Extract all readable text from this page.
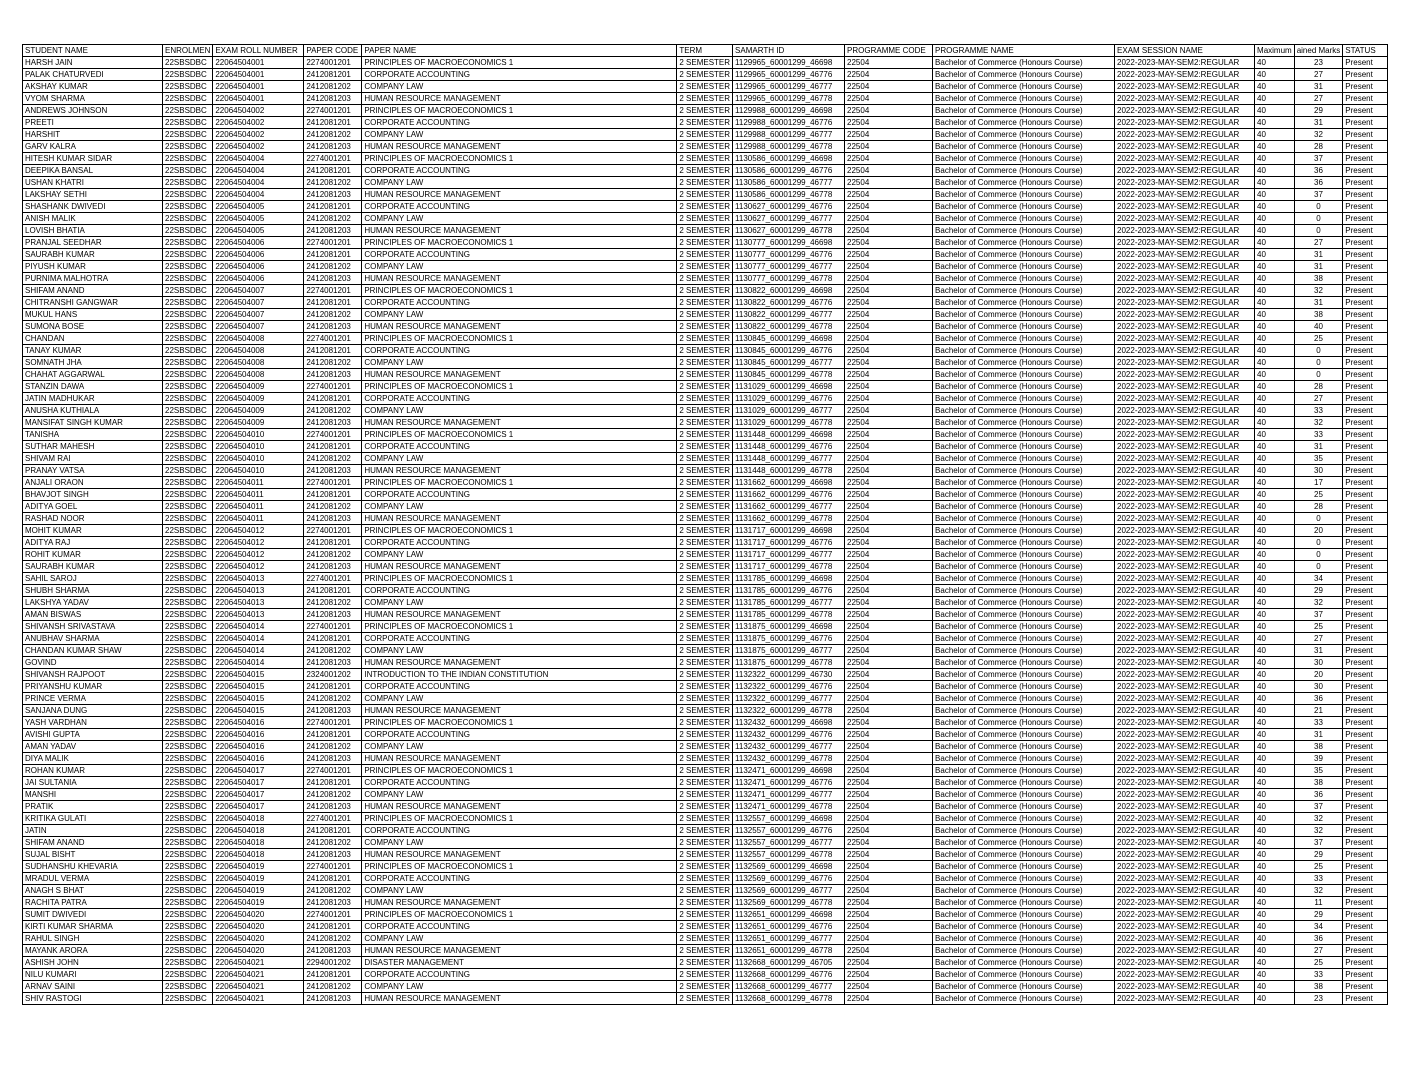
STUDENT NAME	ENROLMEN	EXAM ROLL NUMBER	PAPER CODE	PAPER NAME	TERM	SAMARTH ID	PROGRAMME CODE	PROGRAMME NAME	EXAM SESSION NAME	Maximum	ained Marks	STATUS
HARSH JAIN	22SBSDBC	22064504001	2274001201	PRINCIPLES OF MACROECONOMICS 1	2 SEMESTER	1129965_60001299_46698	22504	Bachelor of Commerce (Honours Course)	2022-2023-MAY-SEM2:REGULAR	40	23	Present
PALAK CHATURVEDI	22SBSDBC	22064504001	2412081201	CORPORATE ACCOUNTING	2 SEMESTER	1129965_60001299_46776	22504	Bachelor of Commerce (Honours Course)	2022-2023-MAY-SEM2:REGULAR	40	27	Present
AKSHAY KUMAR	22SBSDBC	22064504001	2412081202	COMPANY LAW	2 SEMESTER	1129965_60001299_46777	22504	Bachelor of Commerce (Honours Course)	2022-2023-MAY-SEM2:REGULAR	40	31	Present
VYOM SHARMA	22SBSDBC	22064504001	2412081203	HUMAN RESOURCE MANAGEMENT	2 SEMESTER	1129965_60001299_46778	22504	Bachelor of Commerce (Honours Course)	2022-2023-MAY-SEM2:REGULAR	40	27	Present
ANDREWS JOHNSON	22SBSDBC	22064504002	2274001201	PRINCIPLES OF MACROECONOMICS 1	2 SEMESTER	1129988_60001299_46698	22504	Bachelor of Commerce (Honours Course)	2022-2023-MAY-SEM2:REGULAR	40	29	Present
PREETI	22SBSDBC	22064504002	2412081201	CORPORATE ACCOUNTING	2 SEMESTER	1129988_60001299_46776	22504	Bachelor of Commerce (Honours Course)	2022-2023-MAY-SEM2:REGULAR	40	31	Present
HARSHIT	22SBSDBC	22064504002	2412081202	COMPANY LAW	2 SEMESTER	1129988_60001299_46777	22504	Bachelor of Commerce (Honours Course)	2022-2023-MAY-SEM2:REGULAR	40	32	Present
GARV KALRA	22SBSDBC	22064504002	2412081203	HUMAN RESOURCE MANAGEMENT	2 SEMESTER	1129988_60001299_46778	22504	Bachelor of Commerce (Honours Course)	2022-2023-MAY-SEM2:REGULAR	40	28	Present
HITESH KUMAR SIDAR	22SBSDBC	22064504004	2274001201	PRINCIPLES OF MACROECONOMICS 1	2 SEMESTER	1130586_60001299_46698	22504	Bachelor of Commerce (Honours Course)	2022-2023-MAY-SEM2:REGULAR	40	37	Present
DEEPIKA BANSAL	22SBSDBC	22064504004	2412081201	CORPORATE ACCOUNTING	2 SEMESTER	1130586_60001299_46776	22504	Bachelor of Commerce (Honours Course)	2022-2023-MAY-SEM2:REGULAR	40	36	Present
USHAN KHATRI	22SBSDBC	22064504004	2412081202	COMPANY LAW	2 SEMESTER	1130586_60001299_46777	22504	Bachelor of Commerce (Honours Course)	2022-2023-MAY-SEM2:REGULAR	40	36	Present
LAKSHAY SETHI	22SBSDBC	22064504004	2412081203	HUMAN RESOURCE MANAGEMENT	2 SEMESTER	1130586_60001299_46778	22504	Bachelor of Commerce (Honours Course)	2022-2023-MAY-SEM2:REGULAR	40	37	Present
SHASHANK DWIVEDI	22SBSDBC	22064504005	2412081201	CORPORATE ACCOUNTING	2 SEMESTER	1130627_60001299_46776	22504	Bachelor of Commerce (Honours Course)	2022-2023-MAY-SEM2:REGULAR	40	0	Present
ANISH MALIK	22SBSDBC	22064504005	2412081202	COMPANY LAW	2 SEMESTER	1130627_60001299_46777	22504	Bachelor of Commerce (Honours Course)	2022-2023-MAY-SEM2:REGULAR	40	0	Present
LOVISH BHATIA	22SBSDBC	22064504005	2412081203	HUMAN RESOURCE MANAGEMENT	2 SEMESTER	1130627_60001299_46778	22504	Bachelor of Commerce (Honours Course)	2022-2023-MAY-SEM2:REGULAR	40	0	Present
PRANJAL SEEDHAR	22SBSDBC	22064504006	2274001201	PRINCIPLES OF MACROECONOMICS 1	2 SEMESTER	1130777_60001299_46698	22504	Bachelor of Commerce (Honours Course)	2022-2023-MAY-SEM2:REGULAR	40	27	Present
SAURABH KUMAR	22SBSDBC	22064504006	2412081201	CORPORATE ACCOUNTING	2 SEMESTER	1130777_60001299_46776	22504	Bachelor of Commerce (Honours Course)	2022-2023-MAY-SEM2:REGULAR	40	31	Present
PIYUSH KUMAR	22SBSDBC	22064504006	2412081202	COMPANY LAW	2 SEMESTER	1130777_60001299_46777	22504	Bachelor of Commerce (Honours Course)	2022-2023-MAY-SEM2:REGULAR	40	31	Present
PURNIMA MALHOTRA	22SBSDBC	22064504006	2412081203	HUMAN RESOURCE MANAGEMENT	2 SEMESTER	1130777_60001299_46778	22504	Bachelor of Commerce (Honours Course)	2022-2023-MAY-SEM2:REGULAR	40	38	Present
SHIFAM ANAND	22SBSDBC	22064504007	2274001201	PRINCIPLES OF MACROECONOMICS 1	2 SEMESTER	1130822_60001299_46698	22504	Bachelor of Commerce (Honours Course)	2022-2023-MAY-SEM2:REGULAR	40	32	Present
CHITRANSHI GANGWAR	22SBSDBC	22064504007	2412081201	CORPORATE ACCOUNTING	2 SEMESTER	1130822_60001299_46776	22504	Bachelor of Commerce (Honours Course)	2022-2023-MAY-SEM2:REGULAR	40	31	Present
MUKUL HANS	22SBSDBC	22064504007	2412081202	COMPANY LAW	2 SEMESTER	1130822_60001299_46777	22504	Bachelor of Commerce (Honours Course)	2022-2023-MAY-SEM2:REGULAR	40	38	Present
SUMONA BOSE	22SBSDBC	22064504007	2412081203	HUMAN RESOURCE MANAGEMENT	2 SEMESTER	1130822_60001299_46778	22504	Bachelor of Commerce (Honours Course)	2022-2023-MAY-SEM2:REGULAR	40	40	Present
CHANDAN	22SBSDBC	22064504008	2274001201	PRINCIPLES OF MACROECONOMICS 1	2 SEMESTER	1130845_60001299_46698	22504	Bachelor of Commerce (Honours Course)	2022-2023-MAY-SEM2:REGULAR	40	25	Present
TANAY KUMAR	22SBSDBC	22064504008	2412081201	CORPORATE ACCOUNTING	2 SEMESTER	1130845_60001299_46776	22504	Bachelor of Commerce (Honours Course)	2022-2023-MAY-SEM2:REGULAR	40	0	Present
SOMNATH JHA	22SBSDBC	22064504008	2412081202	COMPANY LAW	2 SEMESTER	1130845_60001299_46777	22504	Bachelor of Commerce (Honours Course)	2022-2023-MAY-SEM2:REGULAR	40	0	Present
CHAHAT AGGARWAL	22SBSDBC	22064504008	2412081203	HUMAN RESOURCE MANAGEMENT	2 SEMESTER	1130845_60001299_46778	22504	Bachelor of Commerce (Honours Course)	2022-2023-MAY-SEM2:REGULAR	40	0	Present
STANZIN DAWA	22SBSDBC	22064504009	2274001201	PRINCIPLES OF MACROECONOMICS 1	2 SEMESTER	1131029_60001299_46698	22504	Bachelor of Commerce (Honours Course)	2022-2023-MAY-SEM2:REGULAR	40	28	Present
JATIN MADHUKAR	22SBSDBC	22064504009	2412081201	CORPORATE ACCOUNTING	2 SEMESTER	1131029_60001299_46776	22504	Bachelor of Commerce (Honours Course)	2022-2023-MAY-SEM2:REGULAR	40	27	Present
ANUSHA KUTHIALA	22SBSDBC	22064504009	2412081202	COMPANY LAW	2 SEMESTER	1131029_60001299_46777	22504	Bachelor of Commerce (Honours Course)	2022-2023-MAY-SEM2:REGULAR	40	33	Present
MANSIFAT SINGH KUMAR	22SBSDBC	22064504009	2412081203	HUMAN RESOURCE MANAGEMENT	2 SEMESTER	1131029_60001299_46778	22504	Bachelor of Commerce (Honours Course)	2022-2023-MAY-SEM2:REGULAR	40	32	Present
TANISHA	22SBSDBC	22064504010	2274001201	PRINCIPLES OF MACROECONOMICS 1	2 SEMESTER	1131448_60001299_46698	22504	Bachelor of Commerce (Honours Course)	2022-2023-MAY-SEM2:REGULAR	40	33	Present
SUTHAR MAHESH	22SBSDBC	22064504010	2412081201	CORPORATE ACCOUNTING	2 SEMESTER	1131448_60001299_46776	22504	Bachelor of Commerce (Honours Course)	2022-2023-MAY-SEM2:REGULAR	40	31	Present
SHIVAM RAI	22SBSDBC	22064504010	2412081202	COMPANY LAW	2 SEMESTER	1131448_60001299_46777	22504	Bachelor of Commerce (Honours Course)	2022-2023-MAY-SEM2:REGULAR	40	35	Present
PRANAY VATSA	22SBSDBC	22064504010	2412081203	HUMAN RESOURCE MANAGEMENT	2 SEMESTER	1131448_60001299_46778	22504	Bachelor of Commerce (Honours Course)	2022-2023-MAY-SEM2:REGULAR	40	30	Present
ANJALI ORAON	22SBSDBC	22064504011	2274001201	PRINCIPLES OF MACROECONOMICS 1	2 SEMESTER	1131662_60001299_46698	22504	Bachelor of Commerce (Honours Course)	2022-2023-MAY-SEM2:REGULAR	40	17	Present
BHAVJOT SINGH	22SBSDBC	22064504011	2412081201	CORPORATE ACCOUNTING	2 SEMESTER	1131662_60001299_46776	22504	Bachelor of Commerce (Honours Course)	2022-2023-MAY-SEM2:REGULAR	40	25	Present
ADITYA GOEL	22SBSDBC	22064504011	2412081202	COMPANY LAW	2 SEMESTER	1131662_60001299_46777	22504	Bachelor of Commerce (Honours Course)	2022-2023-MAY-SEM2:REGULAR	40	28	Present
RASHAD NOOR	22SBSDBC	22064504011	2412081203	HUMAN RESOURCE MANAGEMENT	2 SEMESTER	1131662_60001299_46778	22504	Bachelor of Commerce (Honours Course)	2022-2023-MAY-SEM2:REGULAR	40	0	Present
MOHIT KUMAR	22SBSDBC	22064504012	2274001201	PRINCIPLES OF MACROECONOMICS 1	2 SEMESTER	1131717_60001299_46698	22504	Bachelor of Commerce (Honours Course)	2022-2023-MAY-SEM2:REGULAR	40	20	Present
ADITYA RAJ	22SBSDBC	22064504012	2412081201	CORPORATE ACCOUNTING	2 SEMESTER	1131717_60001299_46776	22504	Bachelor of Commerce (Honours Course)	2022-2023-MAY-SEM2:REGULAR	40	0	Present
ROHIT KUMAR	22SBSDBC	22064504012	2412081202	COMPANY LAW	2 SEMESTER	1131717_60001299_46777	22504	Bachelor of Commerce (Honours Course)	2022-2023-MAY-SEM2:REGULAR	40	0	Present
SAURABH KUMAR	22SBSDBC	22064504012	2412081203	HUMAN RESOURCE MANAGEMENT	2 SEMESTER	1131717_60001299_46778	22504	Bachelor of Commerce (Honours Course)	2022-2023-MAY-SEM2:REGULAR	40	0	Present
SAHIL SAROJ	22SBSDBC	22064504013	2274001201	PRINCIPLES OF MACROECONOMICS 1	2 SEMESTER	1131785_60001299_46698	22504	Bachelor of Commerce (Honours Course)	2022-2023-MAY-SEM2:REGULAR	40	34	Present
SHUBH SHARMA	22SBSDBC	22064504013	2412081201	CORPORATE ACCOUNTING	2 SEMESTER	1131785_60001299_46776	22504	Bachelor of Commerce (Honours Course)	2022-2023-MAY-SEM2:REGULAR	40	29	Present
LAKSHYA YADAV	22SBSDBC	22064504013	2412081202	COMPANY LAW	2 SEMESTER	1131785_60001299_46777	22504	Bachelor of Commerce (Honours Course)	2022-2023-MAY-SEM2:REGULAR	40	32	Present
AMAN BISWAS	22SBSDBC	22064504013	2412081203	HUMAN RESOURCE MANAGEMENT	2 SEMESTER	1131785_60001299_46778	22504	Bachelor of Commerce (Honours Course)	2022-2023-MAY-SEM2:REGULAR	40	37	Present
SHIVANSH SRIVASTAVA	22SBSDBC	22064504014	2274001201	PRINCIPLES OF MACROECONOMICS 1	2 SEMESTER	1131875_60001299_46698	22504	Bachelor of Commerce (Honours Course)	2022-2023-MAY-SEM2:REGULAR	40	25	Present
ANUBHAV SHARMA	22SBSDBC	22064504014	2412081201	CORPORATE ACCOUNTING	2 SEMESTER	1131875_60001299_46776	22504	Bachelor of Commerce (Honours Course)	2022-2023-MAY-SEM2:REGULAR	40	27	Present
CHANDAN KUMAR SHAW	22SBSDBC	22064504014	2412081202	COMPANY LAW	2 SEMESTER	1131875_60001299_46777	22504	Bachelor of Commerce (Honours Course)	2022-2023-MAY-SEM2:REGULAR	40	31	Present
GOVIND	22SBSDBC	22064504014	2412081203	HUMAN RESOURCE MANAGEMENT	2 SEMESTER	1131875_60001299_46778	22504	Bachelor of Commerce (Honours Course)	2022-2023-MAY-SEM2:REGULAR	40	30	Present
SHIVANSH RAJPOOT	22SBSDBC	22064504015	2324001202	INTRODUCTION TO THE INDIAN CONSTITUTION	2 SEMESTER	1132322_60001299_46730	22504	Bachelor of Commerce (Honours Course)	2022-2023-MAY-SEM2:REGULAR	40	20	Present
PRIYANSHU KUMAR	22SBSDBC	22064504015	2412081201	CORPORATE ACCOUNTING	2 SEMESTER	1132322_60001299_46776	22504	Bachelor of Commerce (Honours Course)	2022-2023-MAY-SEM2:REGULAR	40	30	Present
PRINCE VERMA	22SBSDBC	22064504015	2412081202	COMPANY LAW	2 SEMESTER	1132322_60001299_46777	22504	Bachelor of Commerce (Honours Course)	2022-2023-MAY-SEM2:REGULAR	40	36	Present
SANJANA DUNG	22SBSDBC	22064504015	2412081203	HUMAN RESOURCE MANAGEMENT	2 SEMESTER	1132322_60001299_46778	22504	Bachelor of Commerce (Honours Course)	2022-2023-MAY-SEM2:REGULAR	40	21	Present
YASH VARDHAN	22SBSDBC	22064504016	2274001201	PRINCIPLES OF MACROECONOMICS 1	2 SEMESTER	1132432_60001299_46698	22504	Bachelor of Commerce (Honours Course)	2022-2023-MAY-SEM2:REGULAR	40	33	Present
AVISHI GUPTA	22SBSDBC	22064504016	2412081201	CORPORATE ACCOUNTING	2 SEMESTER	1132432_60001299_46776	22504	Bachelor of Commerce (Honours Course)	2022-2023-MAY-SEM2:REGULAR	40	31	Present
AMAN YADAV	22SBSDBC	22064504016	2412081202	COMPANY LAW	2 SEMESTER	1132432_60001299_46777	22504	Bachelor of Commerce (Honours Course)	2022-2023-MAY-SEM2:REGULAR	40	38	Present
DIYA MALIK	22SBSDBC	22064504016	2412081203	HUMAN RESOURCE MANAGEMENT	2 SEMESTER	1132432_60001299_46778	22504	Bachelor of Commerce (Honours Course)	2022-2023-MAY-SEM2:REGULAR	40	39	Present
ROHAN KUMAR	22SBSDBC	22064504017	2274001201	PRINCIPLES OF MACROECONOMICS 1	2 SEMESTER	1132471_60001299_46698	22504	Bachelor of Commerce (Honours Course)	2022-2023-MAY-SEM2:REGULAR	40	35	Present
JAI SULTANIA	22SBSDBC	22064504017	2412081201	CORPORATE ACCOUNTING	2 SEMESTER	1132471_60001299_46776	22504	Bachelor of Commerce (Honours Course)	2022-2023-MAY-SEM2:REGULAR	40	38	Present
MANSHI	22SBSDBC	22064504017	2412081202	COMPANY LAW	2 SEMESTER	1132471_60001299_46777	22504	Bachelor of Commerce (Honours Course)	2022-2023-MAY-SEM2:REGULAR	40	36	Present
PRATIK	22SBSDBC	22064504017	2412081203	HUMAN RESOURCE MANAGEMENT	2 SEMESTER	1132471_60001299_46778	22504	Bachelor of Commerce (Honours Course)	2022-2023-MAY-SEM2:REGULAR	40	37	Present
KRITIKA GULATI	22SBSDBC	22064504018	2274001201	PRINCIPLES OF MACROECONOMICS 1	2 SEMESTER	1132557_60001299_46698	22504	Bachelor of Commerce (Honours Course)	2022-2023-MAY-SEM2:REGULAR	40	32	Present
JATIN	22SBSDBC	22064504018	2412081201	CORPORATE ACCOUNTING	2 SEMESTER	1132557_60001299_46776	22504	Bachelor of Commerce (Honours Course)	2022-2023-MAY-SEM2:REGULAR	40	32	Present
SHIFAM ANAND	22SBSDBC	22064504018	2412081202	COMPANY LAW	2 SEMESTER	1132557_60001299_46777	22504	Bachelor of Commerce (Honours Course)	2022-2023-MAY-SEM2:REGULAR	40	37	Present
SUJAL BISHT	22SBSDBC	22064504018	2412081203	HUMAN RESOURCE MANAGEMENT	2 SEMESTER	1132557_60001299_46778	22504	Bachelor of Commerce (Honours Course)	2022-2023-MAY-SEM2:REGULAR	40	29	Present
SUDHANSHU KHEVARIA	22SBSDBC	22064504019	2274001201	PRINCIPLES OF MACROECONOMICS 1	2 SEMESTER	1132569_60001299_46698	22504	Bachelor of Commerce (Honours Course)	2022-2023-MAY-SEM2:REGULAR	40	25	Present
MRADUL VERMA	22SBSDBC	22064504019	2412081201	CORPORATE ACCOUNTING	2 SEMESTER	1132569_60001299_46776	22504	Bachelor of Commerce (Honours Course)	2022-2023-MAY-SEM2:REGULAR	40	33	Present
ANAGH S BHAT	22SBSDBC	22064504019	2412081202	COMPANY LAW	2 SEMESTER	1132569_60001299_46777	22504	Bachelor of Commerce (Honours Course)	2022-2023-MAY-SEM2:REGULAR	40	32	Present
RACHITA PATRA	22SBSDBC	22064504019	2412081203	HUMAN RESOURCE MANAGEMENT	2 SEMESTER	1132569_60001299_46778	22504	Bachelor of Commerce (Honours Course)	2022-2023-MAY-SEM2:REGULAR	40	11	Present
SUMIT DWIVEDI	22SBSDBC	22064504020	2274001201	PRINCIPLES OF MACROECONOMICS 1	2 SEMESTER	1132651_60001299_46698	22504	Bachelor of Commerce (Honours Course)	2022-2023-MAY-SEM2:REGULAR	40	29	Present
KIRTI KUMAR SHARMA	22SBSDBC	22064504020	2412081201	CORPORATE ACCOUNTING	2 SEMESTER	1132651_60001299_46776	22504	Bachelor of Commerce (Honours Course)	2022-2023-MAY-SEM2:REGULAR	40	34	Present
RAHUL SINGH	22SBSDBC	22064504020	2412081202	COMPANY LAW	2 SEMESTER	1132651_60001299_46777	22504	Bachelor of Commerce (Honours Course)	2022-2023-MAY-SEM2:REGULAR	40	36	Present
MAYANK ARORA	22SBSDBC	22064504020	2412081203	HUMAN RESOURCE MANAGEMENT	2 SEMESTER	1132651_60001299_46778	22504	Bachelor of Commerce (Honours Course)	2022-2023-MAY-SEM2:REGULAR	40	27	Present
ASHISH JOHN	22SBSDBC	22064504021	2294001202	DISASTER MANAGEMENT	2 SEMESTER	1132668_60001299_46705	22504	Bachelor of Commerce (Honours Course)	2022-2023-MAY-SEM2:REGULAR	40	25	Present
NILU KUMARI	22SBSDBC	22064504021	2412081201	CORPORATE ACCOUNTING	2 SEMESTER	1132668_60001299_46776	22504	Bachelor of Commerce (Honours Course)	2022-2023-MAY-SEM2:REGULAR	40	33	Present
ARNAV SAINI	22SBSDBC	22064504021	2412081202	COMPANY LAW	2 SEMESTER	1132668_60001299_46777	22504	Bachelor of Commerce (Honours Course)	2022-2023-MAY-SEM2:REGULAR	40	38	Present
SHIV RASTOGI	22SBSDBC	22064504021	2412081203	HUMAN RESOURCE MANAGEMENT	2 SEMESTER	1132668_60001299_46778	22504	Bachelor of Commerce (Honours Course)	2022-2023-MAY-SEM2:REGULAR	40	23	Present
